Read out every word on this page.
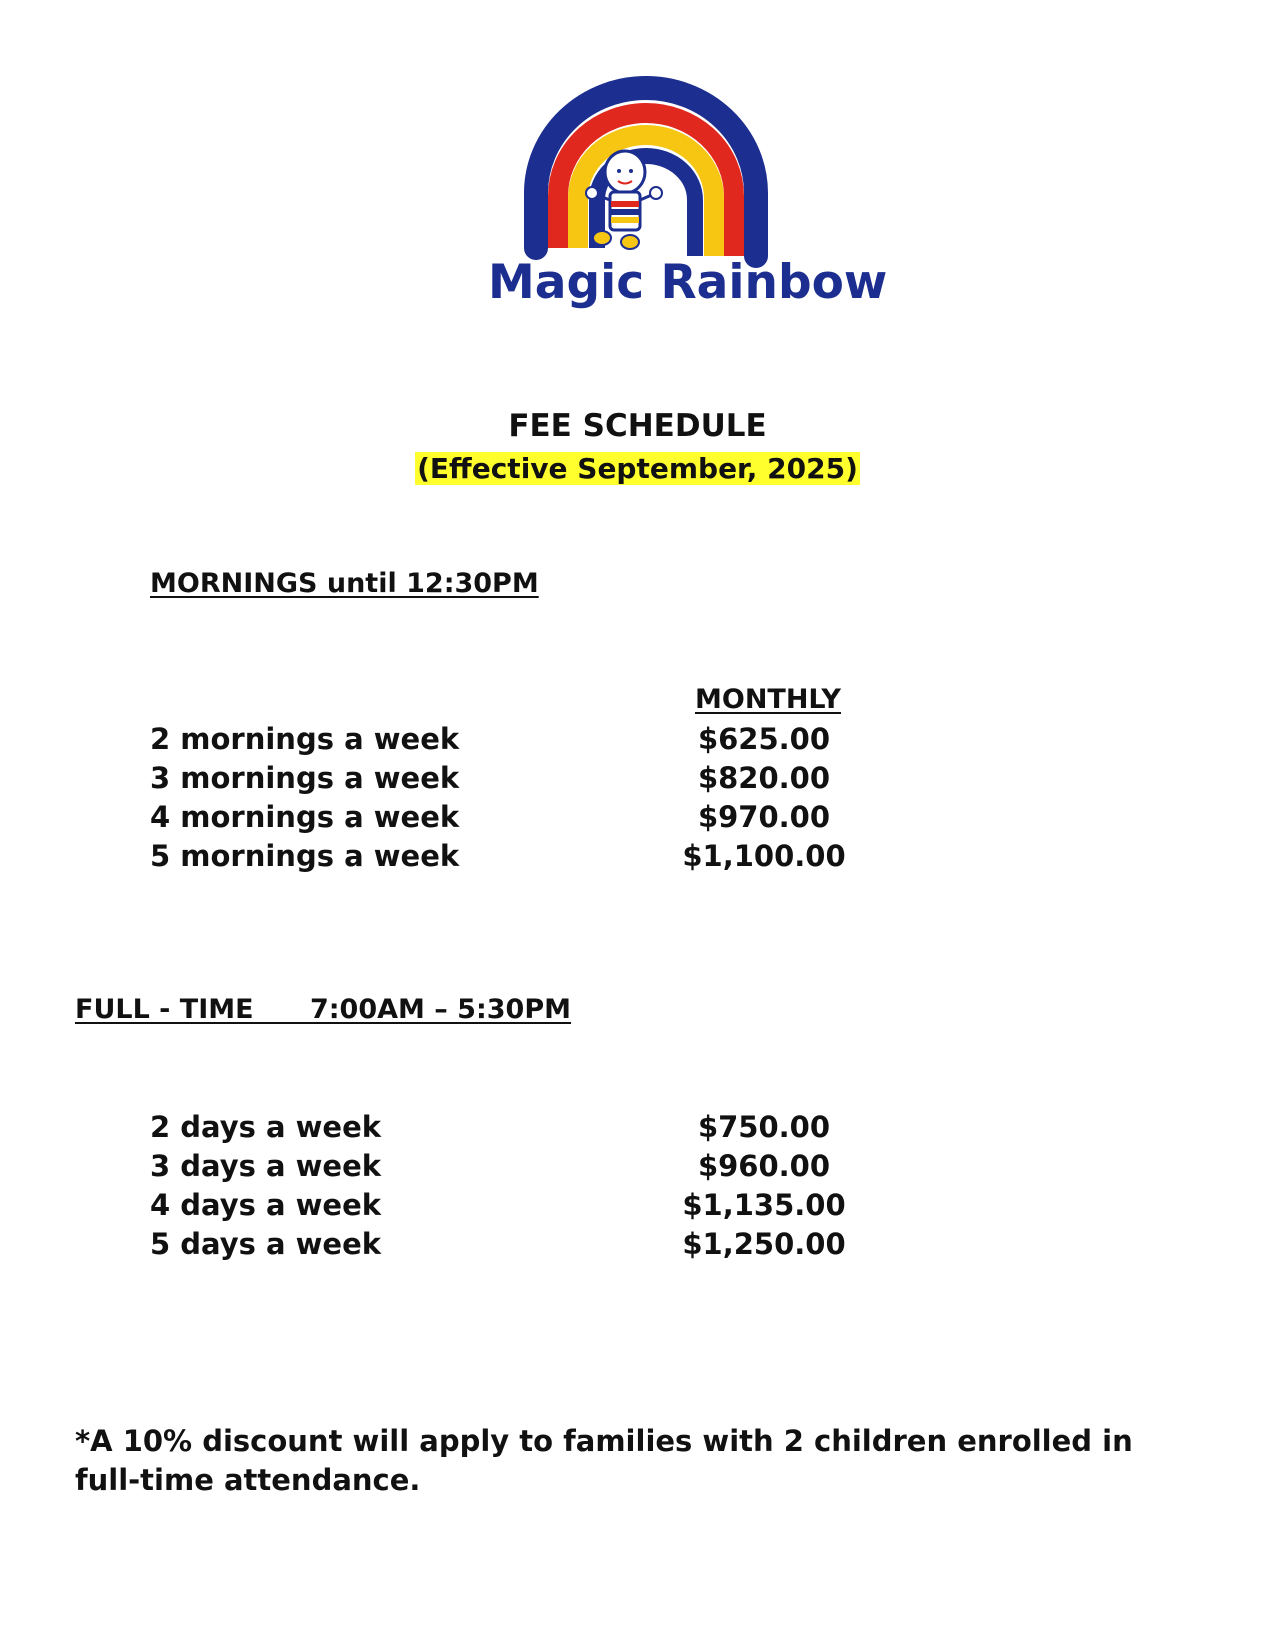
Magic Rainbow
FEE SCHEDULE
(Effective September, 2025)
MORNINGS until 12:30PM
MONTHLY
2 mornings a week	$625.00
3 mornings a week	$820.00
4 mornings a week	$970.00
5 mornings a week	$1,100.00
FULL - TIME      7:00AM – 5:30PM
2 days a week	$750.00
3 days a week	$960.00
4 days a week	$1,135.00
5 days a week	$1,250.00
*A 10% discount will apply to families with 2 children enrolled in full-time attendance.
